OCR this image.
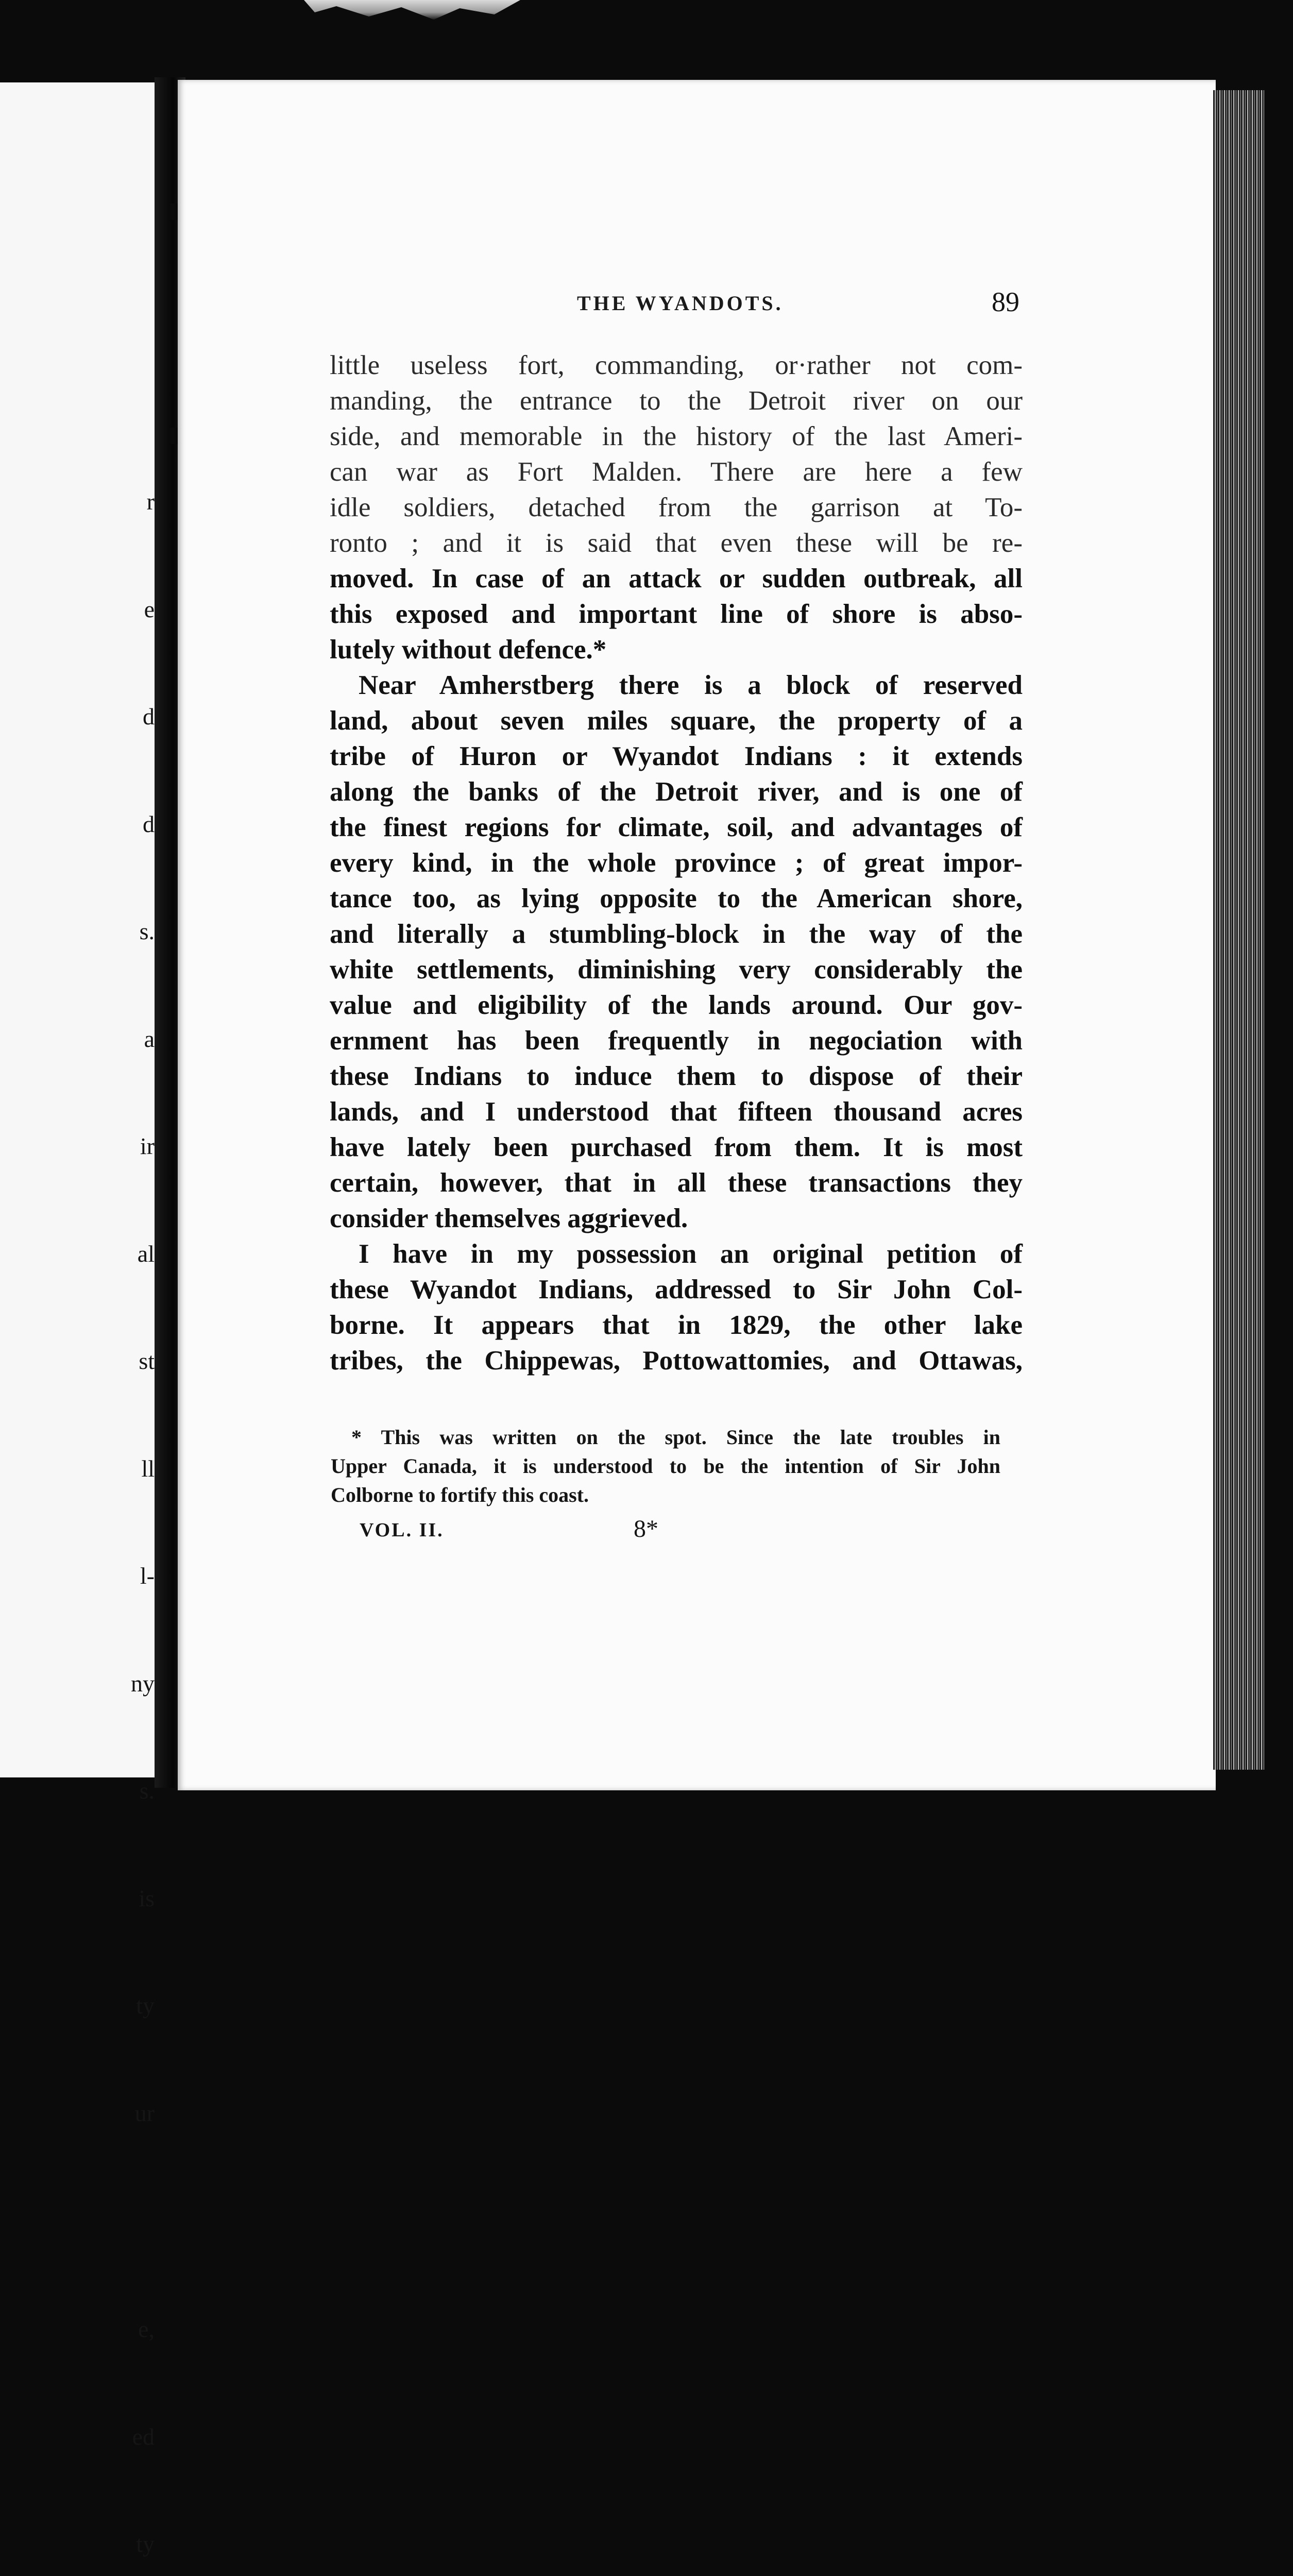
r

e

d

d

s.

a

ir

al

st

ll

l-

ny

s.

is

ty

ur

e,

ed

ty

THE WYANDOTS.	89
little useless fort, commanding, or·rather not com-
manding, the entrance to the Detroit river on our
side, and memorable in the history of the last Ameri-
can war as Fort Malden. There are here a few
idle soldiers, detached from the garrison at To-
ronto ; and it is said that even these will be re-
moved. In case of an attack or sudden outbreak, all
this exposed and important line of shore is abso-
lutely without defence.*
Near Amherstberg there is a block of reserved
land, about seven miles square, the property of a
tribe of Huron or Wyandot Indians : it extends
along the banks of the Detroit river, and is one of
the finest regions for climate, soil, and advantages of
every kind, in the whole province ; of great impor-
tance too, as lying opposite to the American shore,
and literally a stumbling-block in the way of the
white settlements, diminishing very considerably the
value and eligibility of the lands around. Our gov-
ernment has been frequently in negociation with
these Indians to induce them to dispose of their
lands, and I understood that fifteen thousand acres
have lately been purchased from them. It is most
certain, however, that in all these transactions they
consider themselves aggrieved.
I have in my possession an original petition of
these Wyandot Indians, addressed to Sir John Col-
borne. It appears that in 1829, the other lake
tribes, the Chippewas, Pottowattomies, and Ottawas,
* This was written on the spot. Since the late troubles in
Upper Canada, it is understood to be the intention of Sir John
Colborne to fortify this coast.
VOL. II.	8*
